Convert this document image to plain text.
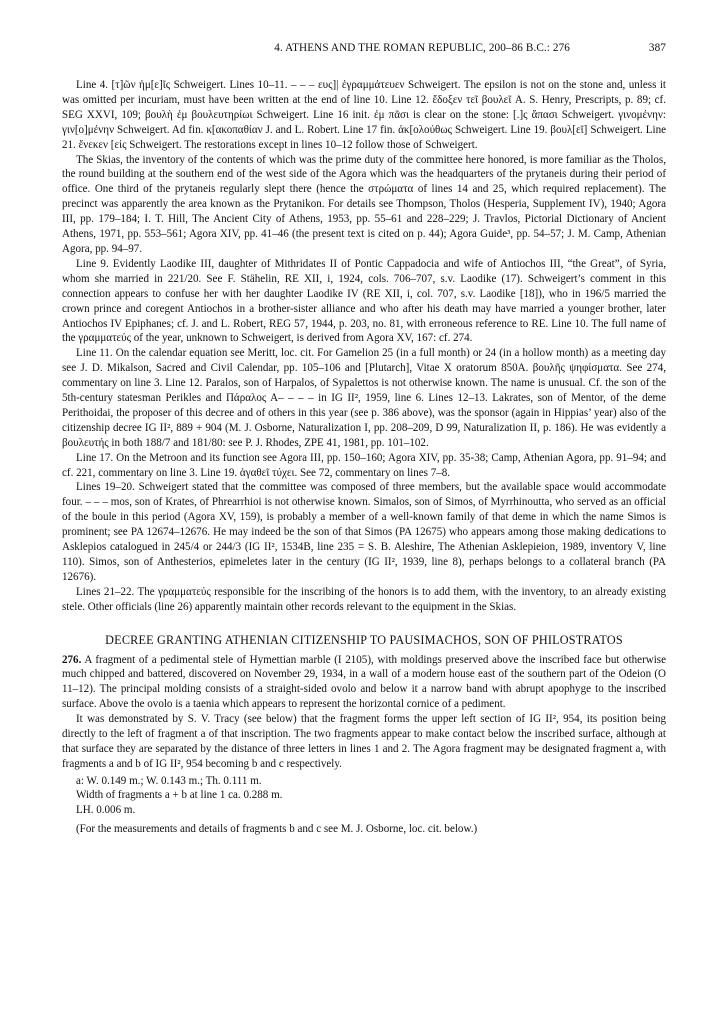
4. ATHENS AND THE ROMAN REPUBLIC, 200–86 B.C.: 276	387

Line 4. [τ]ῶν ἡμ[ε]ῖς Schweigert. Lines 10–11. – – – ευς]| ἐγραμμάτευεν Schweigert. The epsilon is not on the stone and, unless it was omitted per incuriam, must have been written at the end of line 10. Line 12. ἔδοξεν τεῖ βουλεῖ A. S. Henry, Prescripts, p. 89; cf. SEG XXVI, 109; βουλὴ ἐμ βουλευτηρίωι Schweigert. Line 16 init. ἐμ πᾶσι is clear on the stone: [.]ς ἅπασι Schweigert. γινομένην: γιν[ο]μένην Schweigert. Ad fin. κ[ακοπαθίαν J. and L. Robert. Line 17 fin. ἀκ[ολούθως Schweigert. Line 19. βουλ[εῖ] Schweigert. Line 21. ἕνεκεν [εἰς Schweigert. The restorations except in lines 10–12 follow those of Schweigert.

The Skias, the inventory of the contents of which was the prime duty of the committee here honored, is more familiar as the Tholos, the round building at the southern end of the west side of the Agora which was the headquarters of the prytaneis during their period of office. One third of the prytaneis regularly slept there (hence the στρώματα of lines 14 and 25, which required replacement). The precinct was apparently the area known as the Prytanikon. For details see Thompson, Tholos (Hesperia, Supplement IV), 1940; Agora III, pp. 179–184; I. T. Hill, The Ancient City of Athens, 1953, pp. 55–61 and 228–229; J. Travlos, Pictorial Dictionary of Ancient Athens, 1971, pp. 553–561; Agora XIV, pp. 41–46 (the present text is cited on p. 44); Agora Guide³, pp. 54–57; J. M. Camp, Athenian Agora, pp. 94–97.

Line 9. Evidently Laodike III, daughter of Mithridates II of Pontic Cappadocia and wife of Antiochos III, “the Great”, of Syria, whom she married in 221/20. See F. Stähelin, RE XII, i, 1924, cols. 706–707, s.v. Laodike (17). Schweigert’s comment in this connection appears to confuse her with her daughter Laodike IV (RE XII, i, col. 707, s.v. Laodike [18]), who in 196/5 married the crown prince and coregent Antiochos in a brother-sister alliance and who after his death may have married a younger brother, later Antiochos IV Epiphanes; cf. J. and L. Robert, REG 57, 1944, p. 203, no. 81, with erroneous reference to RE. Line 10. The full name of the γραμματεύς of the year, unknown to Schweigert, is derived from Agora XV, 167: cf. 274.

Line 11. On the calendar equation see Meritt, loc. cit. For Gamelion 25 (in a full month) or 24 (in a hollow month) as a meeting day see J. D. Mikalson, Sacred and Civil Calendar, pp. 105–106 and [Plutarch], Vitae X oratorum 850A. βουλῆς ψηφίσματα. See 274, commentary on line 3. Line 12. Paralos, son of Harpalos, of Sypalettos is not otherwise known. The name is unusual. Cf. the son of the 5th-century statesman Perikles and Πάραλος Α– – – – in IG II², 1959, line 6. Lines 12–13. Lakrates, son of Mentor, of the deme Perithoidai, the proposer of this decree and of others in this year (see p. 386 above), was the sponsor (again in Hippias’ year) also of the citizenship decree IG II², 889 + 904 (M. J. Osborne, Naturalization I, pp. 208–209, D 99, Naturalization II, p. 186). He was evidently a βουλευτής in both 188/7 and 181/80: see P. J. Rhodes, ZPE 41, 1981, pp. 101–102.

Line 17. On the Metroon and its function see Agora III, pp. 150–160; Agora XIV, pp. 35-38; Camp, Athenian Agora, pp. 91–94; and cf. 221, commentary on line 3. Line 19. ἀγαθεῖ τύχει. See 72, commentary on lines 7–8.

Lines 19–20. Schweigert stated that the committee was composed of three members, but the available space would accommodate four. – – – mos, son of Krates, of Phrearrhioi is not otherwise known. Simalos, son of Simos, of Myrrhinoutta, who served as an official of the boule in this period (Agora XV, 159), is probably a member of a well-known family of that deme in which the name Simos is prominent; see PA 12674–12676. He may indeed be the son of that Simos (PA 12675) who appears among those making dedications to Asklepios catalogued in 245/4 or 244/3 (IG II², 1534B, line 235 = S. B. Aleshire, The Athenian Asklepieion, 1989, inventory V, line 110). Simos, son of Anthesterios, epimeletes later in the century (IG II², 1939, line 8), perhaps belongs to a collateral branch (PA 12676).

Lines 21–22. The γραμματεύς responsible for the inscribing of the honors is to add them, with the inventory, to an already existing stele. Other officials (line 26) apparently maintain other records relevant to the equipment in the Skias.

DECREE GRANTING ATHENIAN CITIZENSHIP TO PAUSIMACHOS, SON OF PHILOSTRATOS

276. A fragment of a pedimental stele of Hymettian marble (I 2105), with moldings preserved above the inscribed face but otherwise much chipped and battered, discovered on November 29, 1934, in a wall of a modern house east of the southern part of the Odeion (O 11–12). The principal molding consists of a straight-sided ovolo and below it a narrow band with abrupt apophyge to the inscribed surface. Above the ovolo is a taenia which appears to represent the horizontal cornice of a pediment.

It was demonstrated by S. V. Tracy (see below) that the fragment forms the upper left section of IG II², 954, its position being directly to the left of fragment a of that inscription. The two fragments appear to make contact below the inscribed surface, although at that surface they are separated by the distance of three letters in lines 1 and 2. The Agora fragment may be designated fragment a, with fragments a and b of IG II², 954 becoming b and c respectively.

a: W. 0.149 m.; W. 0.143 m.; Th. 0.111 m.
Width of fragments a + b at line 1 ca. 0.288 m.
LH. 0.006 m.
(For the measurements and details of fragments b and c see M. J. Osborne, loc. cit. below.)
